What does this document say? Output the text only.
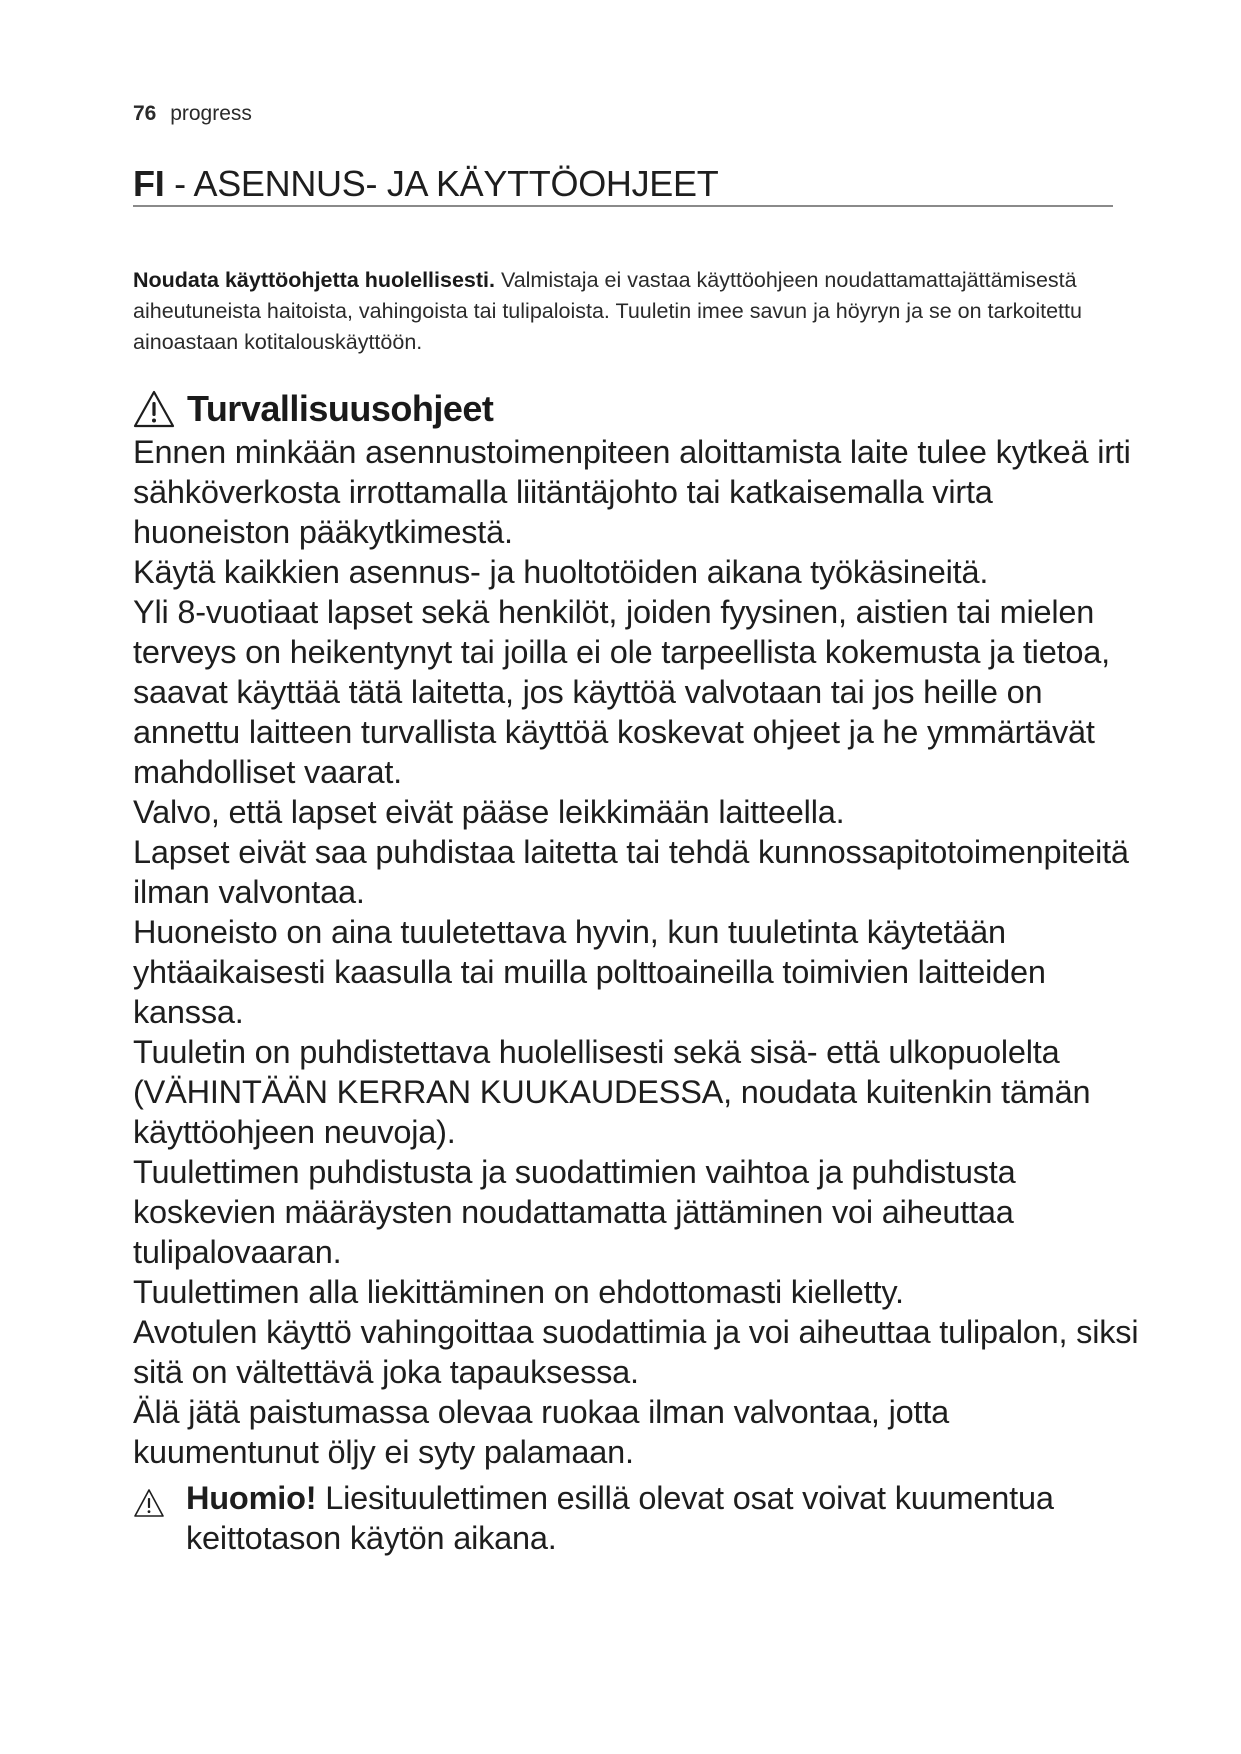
76 progress
FI - ASENNUS- JA KÄYTTÖOHJEET
Noudata käyttöohjetta huolellisesti. Valmistaja ei vastaa käyttöohjeen noudattamattajättämisestä aiheutuneista haitoista, vahingoista tai tulipaloista. Tuuletin imee savun ja höyryn ja se on tarkoitettu ainoastaan kotitalouskäyttöön.
Turvallisuusohjeet

Ennen minkään asennustoimenpiteen aloittamista laite tulee kytkeä irti sähköverkosta irrottamalla liitäntäjohto tai katkaisemalla virta huoneiston pääkytkimestä.

Käytä kaikkien asennus- ja huoltotöiden aikana työkäsineitä.

Yli 8-vuotiaat lapset sekä henkilöt, joiden fyysinen, aistien tai mielen terveys on heikentynyt tai joilla ei ole tarpeellista kokemusta ja tietoa, saavat käyttää tätä laitetta, jos käyttöä valvotaan tai jos heille on annettu laitteen turvallista käyttöä koskevat ohjeet ja he ymmärtävät mahdolliset vaarat.

Valvo, että lapset eivät pääse leikkimään laitteella.

Lapset eivät saa puhdistaa laitetta tai tehdä kunnossapitotoimenpiteitä ilman valvontaa.

Huoneisto on aina tuuletettava hyvin, kun tuuletinta käytetään yhtäaikaisesti kaasulla tai muilla polttoaineilla toimivien laitteiden kanssa.

Tuuletin on puhdistettava huolellisesti sekä sisä- että ulkopuolelta (VÄHINTÄÄN KERRAN KUUKAUDESSA, noudata kuitenkin tämän käyttöohjeen neuvoja).

Tuulettimen puhdistusta ja suodattimien vaihtoa ja puhdistusta koskevien määräysten noudattamatta jättäminen voi aiheuttaa tulipalovaaran.

Tuulettimen alla liekittäminen on ehdottomasti kielletty.

Avotulen käyttö vahingoittaa suodattimia ja voi aiheuttaa tulipalon, siksi sitä on vältettävä joka tapauksessa.

Älä jätä paistumassa olevaa ruokaa ilman valvontaa, jotta kuumentunut öljy ei syty palamaan.

Huomio! Liesituulettimen esillä olevat osat voivat kuumentua keittotason käytön aikana.
